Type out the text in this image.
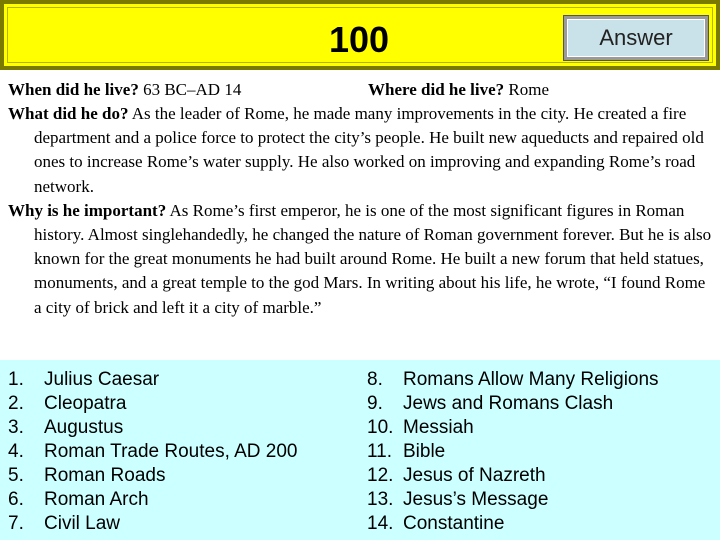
100	Answer
When did he live? 63 BC–AD 14	Where did he live? Rome

What did he do? As the leader of Rome, he made many improvements in the city. He created a fire department and a police force to protect the city’s people. He built new aqueducts and repaired old ones to increase Rome’s water supply. He also worked on improving and expanding Rome’s road network.

Why is he important? As Rome’s first emperor, he is one of the most significant figures in Roman history. Almost singlehandedly, he changed the nature of Roman government forever. But he is also known for the great monuments he had built around Rome. He built a new forum that held statues, monuments, and a great temple to the god Mars. In writing about his life, he wrote, “I found Rome a city of brick and left it a city of marble.”

1. Julius Caesar
2. Cleopatra
3. Augustus
4. Roman Trade Routes, AD 200
5. Roman Roads
6. Roman Arch
7. Civil Law
8. Romans Allow Many Religions
9. Jews and Romans Clash
10. Messiah
11. Bible
12. Jesus of Nazreth
13. Jesus’s Message
14. Constantine
